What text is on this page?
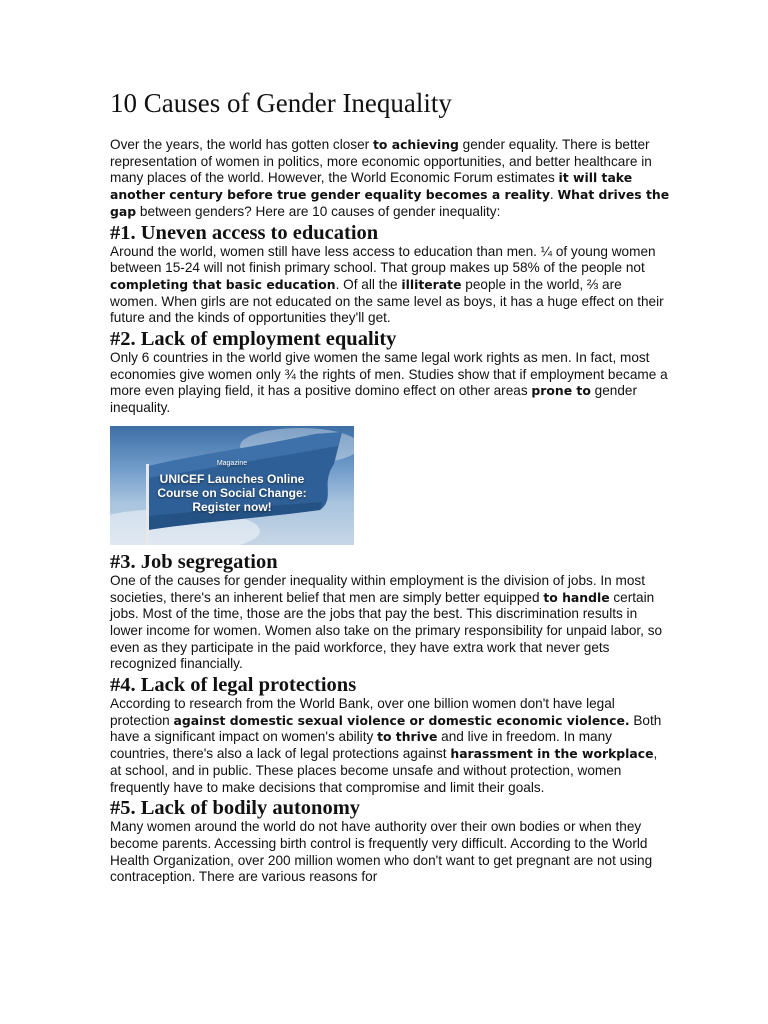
10 Causes of Gender Inequality

Over the years, the world has gotten closer to achieving gender equality. There is better representation of women in politics, more economic opportunities, and better healthcare in many places of the world. However, the World Economic Forum estimates it will take another century before true gender equality becomes a reality. What drives the gap between genders? Here are 10 causes of gender inequality:

#1. Uneven access to education

Around the world, women still have less access to education than men. ¼ of young women between 15-24 will not finish primary school. That group makes up 58% of the people not completing that basic education. Of all the illiterate people in the world, ⅔ are women. When girls are not educated on the same level as boys, it has a huge effect on their future and the kinds of opportunities they'll get.

#2. Lack of employment equality

Only 6 countries in the world give women the same legal work rights as men. In fact, most economies give women only ¾ the rights of men. Studies show that if employment became a more even playing field, it has a positive domino effect on other areas prone to gender inequality.

Magazine
UNICEF Launches Online
Course on Social Change:
Register now!
#3. Job segregation

One of the causes for gender inequality within employment is the division of jobs. In most societies, there's an inherent belief that men are simply better equipped to handle certain jobs. Most of the time, those are the jobs that pay the best. This discrimination results in lower income for women. Women also take on the primary responsibility for unpaid labor, so even as they participate in the paid workforce, they have extra work that never gets recognized financially.

#4. Lack of legal protections

According to research from the World Bank, over one billion women don't have legal protection against domestic sexual violence or domestic economic violence. Both have a significant impact on women's ability to thrive and live in freedom. In many countries, there's also a lack of legal protections against harassment in the workplace, at school, and in public. These places become unsafe and without protection, women frequently have to make decisions that compromise and limit their goals.

#5. Lack of bodily autonomy

Many women around the world do not have authority over their own bodies or when they become parents. Accessing birth control is frequently very difficult. According to the World Health Organization, over 200 million women who don't want to get pregnant are not using contraception. There are various reasons for
